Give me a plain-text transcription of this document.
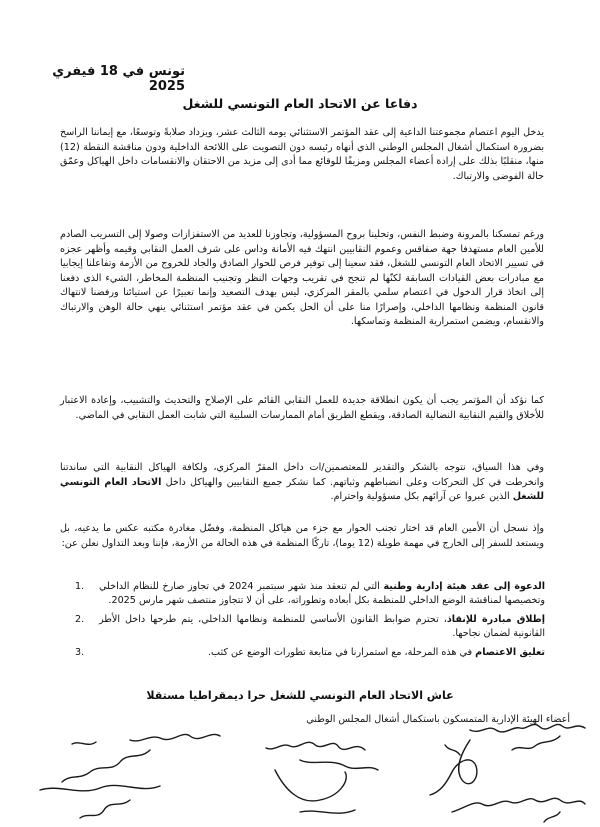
تونس في 18 فيفري 2025
دفاعا عن الاتحاد العام التونسي للشغل
يدخل اليوم اعتصام مجموعتنا الداعية إلى عقد المؤتمر الاستثنائي يومه الثالث عشر، ويزداد صلابةً وتوسعًا، مع إيماننا الراسخ بضرورة استكمال أشغال المجلس الوطني الذي أنهاه رئيسه دون التصويت على اللائحة الداخلية ودون مناقشة النقطة (12) منها، منقلبًا بذلك على إرادة أعضاء المجلس ومزيفًا للوقائع مما أدى إلى مزيد من الاحتقان والانقسامات داخل الهياكل وعمّق حالة الفوضى والارتباك.
ورغم تمسكنا بالمرونة وضبط النفس، وتحلينا بروح المسؤولية، وتجاوزنا للعديد من الاستفزازات وصولا إلى التسريب الصادم للأمين العام مستهدفا جهة صفاقس وعموم النقابيين انتهك فيه الأمانة وداس على شرف العمل النقابي وقيمه وأظهر عجزه في تسيير الاتحاد العام التونسي للشغل، فقد سعينا إلى توفير فرص للحوار الصادق والجاد للخروج من الأزمة وتفاعلنا إيجابيا مع مبادرات بعض القيادات السابقة لكنّها لم تنجح في تقريب وجهات النظر وتجنيب المنظمة المخاطر، الشيء الذي دفعنا إلى اتخاذ قرار الدخول في اعتصام سلمي بالمقر المركزي، ليس بهدف التصعيد وإنما تعبيرًا عن استيائنا ورفضنا لانتهاك قانون المنظمة ونظامها الداخلي، وإصرارًا منا على أن الحل يكمن في عقد مؤتمر استثنائي ينهي حالة الوهن والارتباك والانقسام، ويضمن استمرارية المنظمة وتماسكها.
كما نؤكد أن المؤتمر يجب أن يكون انطلاقة جديدة للعمل النقابي القائم على الإصلاح والتحديث والتشبيب، وإعادة الاعتبار للأخلاق والقيم النقابية النضالية الصادقة، ويقطع الطريق أمام الممارسات السلبية التي شابت العمل النقابي في الماضي.
وفي هذا السياق، نتوجه بالشكر والتقدير للمعتصمين/ات داخل المقرّ المركزي، ولكافة الهياكل النقابية التي ساندتنا وانخرطت في كل التحركات وعلى انضباطهم وثباتهم. كما نشكر جميع النقابيين والهياكل داخل الاتحاد العام التونسي للشغل الذين عبروا عن آرائهم بكل مسؤولية واحترام.
وإذ نسجل أن الأمين العام قد اختار تجنب الحوار مع جزء من هياكل المنظمة، وفضّل مغادرة مكتبه عكس ما يدعيه، بل ويستعد للسفر إلى الخارج في مهمة طويلة (12 يوما)، تاركًا المنظمة في هذه الحالة من الأزمة، فإننا وبعد التداول نعلن عن:
الدعوة إلى عقد هيئة إدارية وطنية التي لم تنعقد منذ شهر سبتمبر 2024 في تجاوز صارخ للنظام الداخلي وتخصيصها لمناقشة الوضع الداخلي للمنظمة بكل أبعاده وتطوراته، على أن لا تتجاوز منتصف شهر مارس 2025.
1.
إطلاق مبادرة للإنقاذ، تحترم ضوابط القانون الأساسي للمنظمة ونظامها الداخلي، يتم طرحها داخل الأطر القانونية لضمان نجاحها.
2.
تعليق الاعتصام في هذه المرحلة، مع استمرارنا في متابعة تطورات الوضع عن كثب.
3.
عاش الاتحاد العام التونسي للشغل حرا ديمقراطيا مستقلا
أعضاء الهيئة الإدارية المتمسكون باستكمال أشغال المجلس الوطني
